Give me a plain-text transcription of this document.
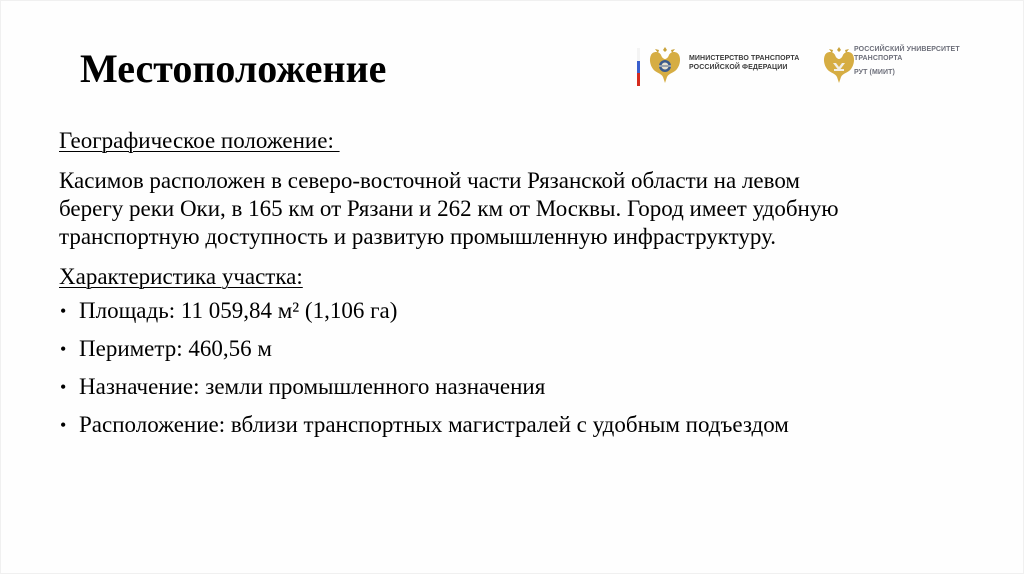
Местоположение	МИНИСТЕРСТВО ТРАНСПОРТА
РОССИЙСКОЙ ФЕДЕРАЦИИ
РОССИЙСКИЙ УНИВЕРСИТЕТ
ТРАНСПОРТА
РУТ (МИИТ)
Географическое положение:
Касимов расположен в северо-восточной части Рязанской области на левом
берегу реки Оки, в 165 км от Рязани и 262 км от Москвы. Город имеет удобную
транспортную доступность и развитую промышленную инфраструктуру.
Характеристика участка:
• Площадь: 11 059,84 м² (1,106 га)
• Периметр: 460,56 м
• Назначение: земли промышленного назначения
• Расположение: вблизи транспортных магистралей с удобным подъездом
